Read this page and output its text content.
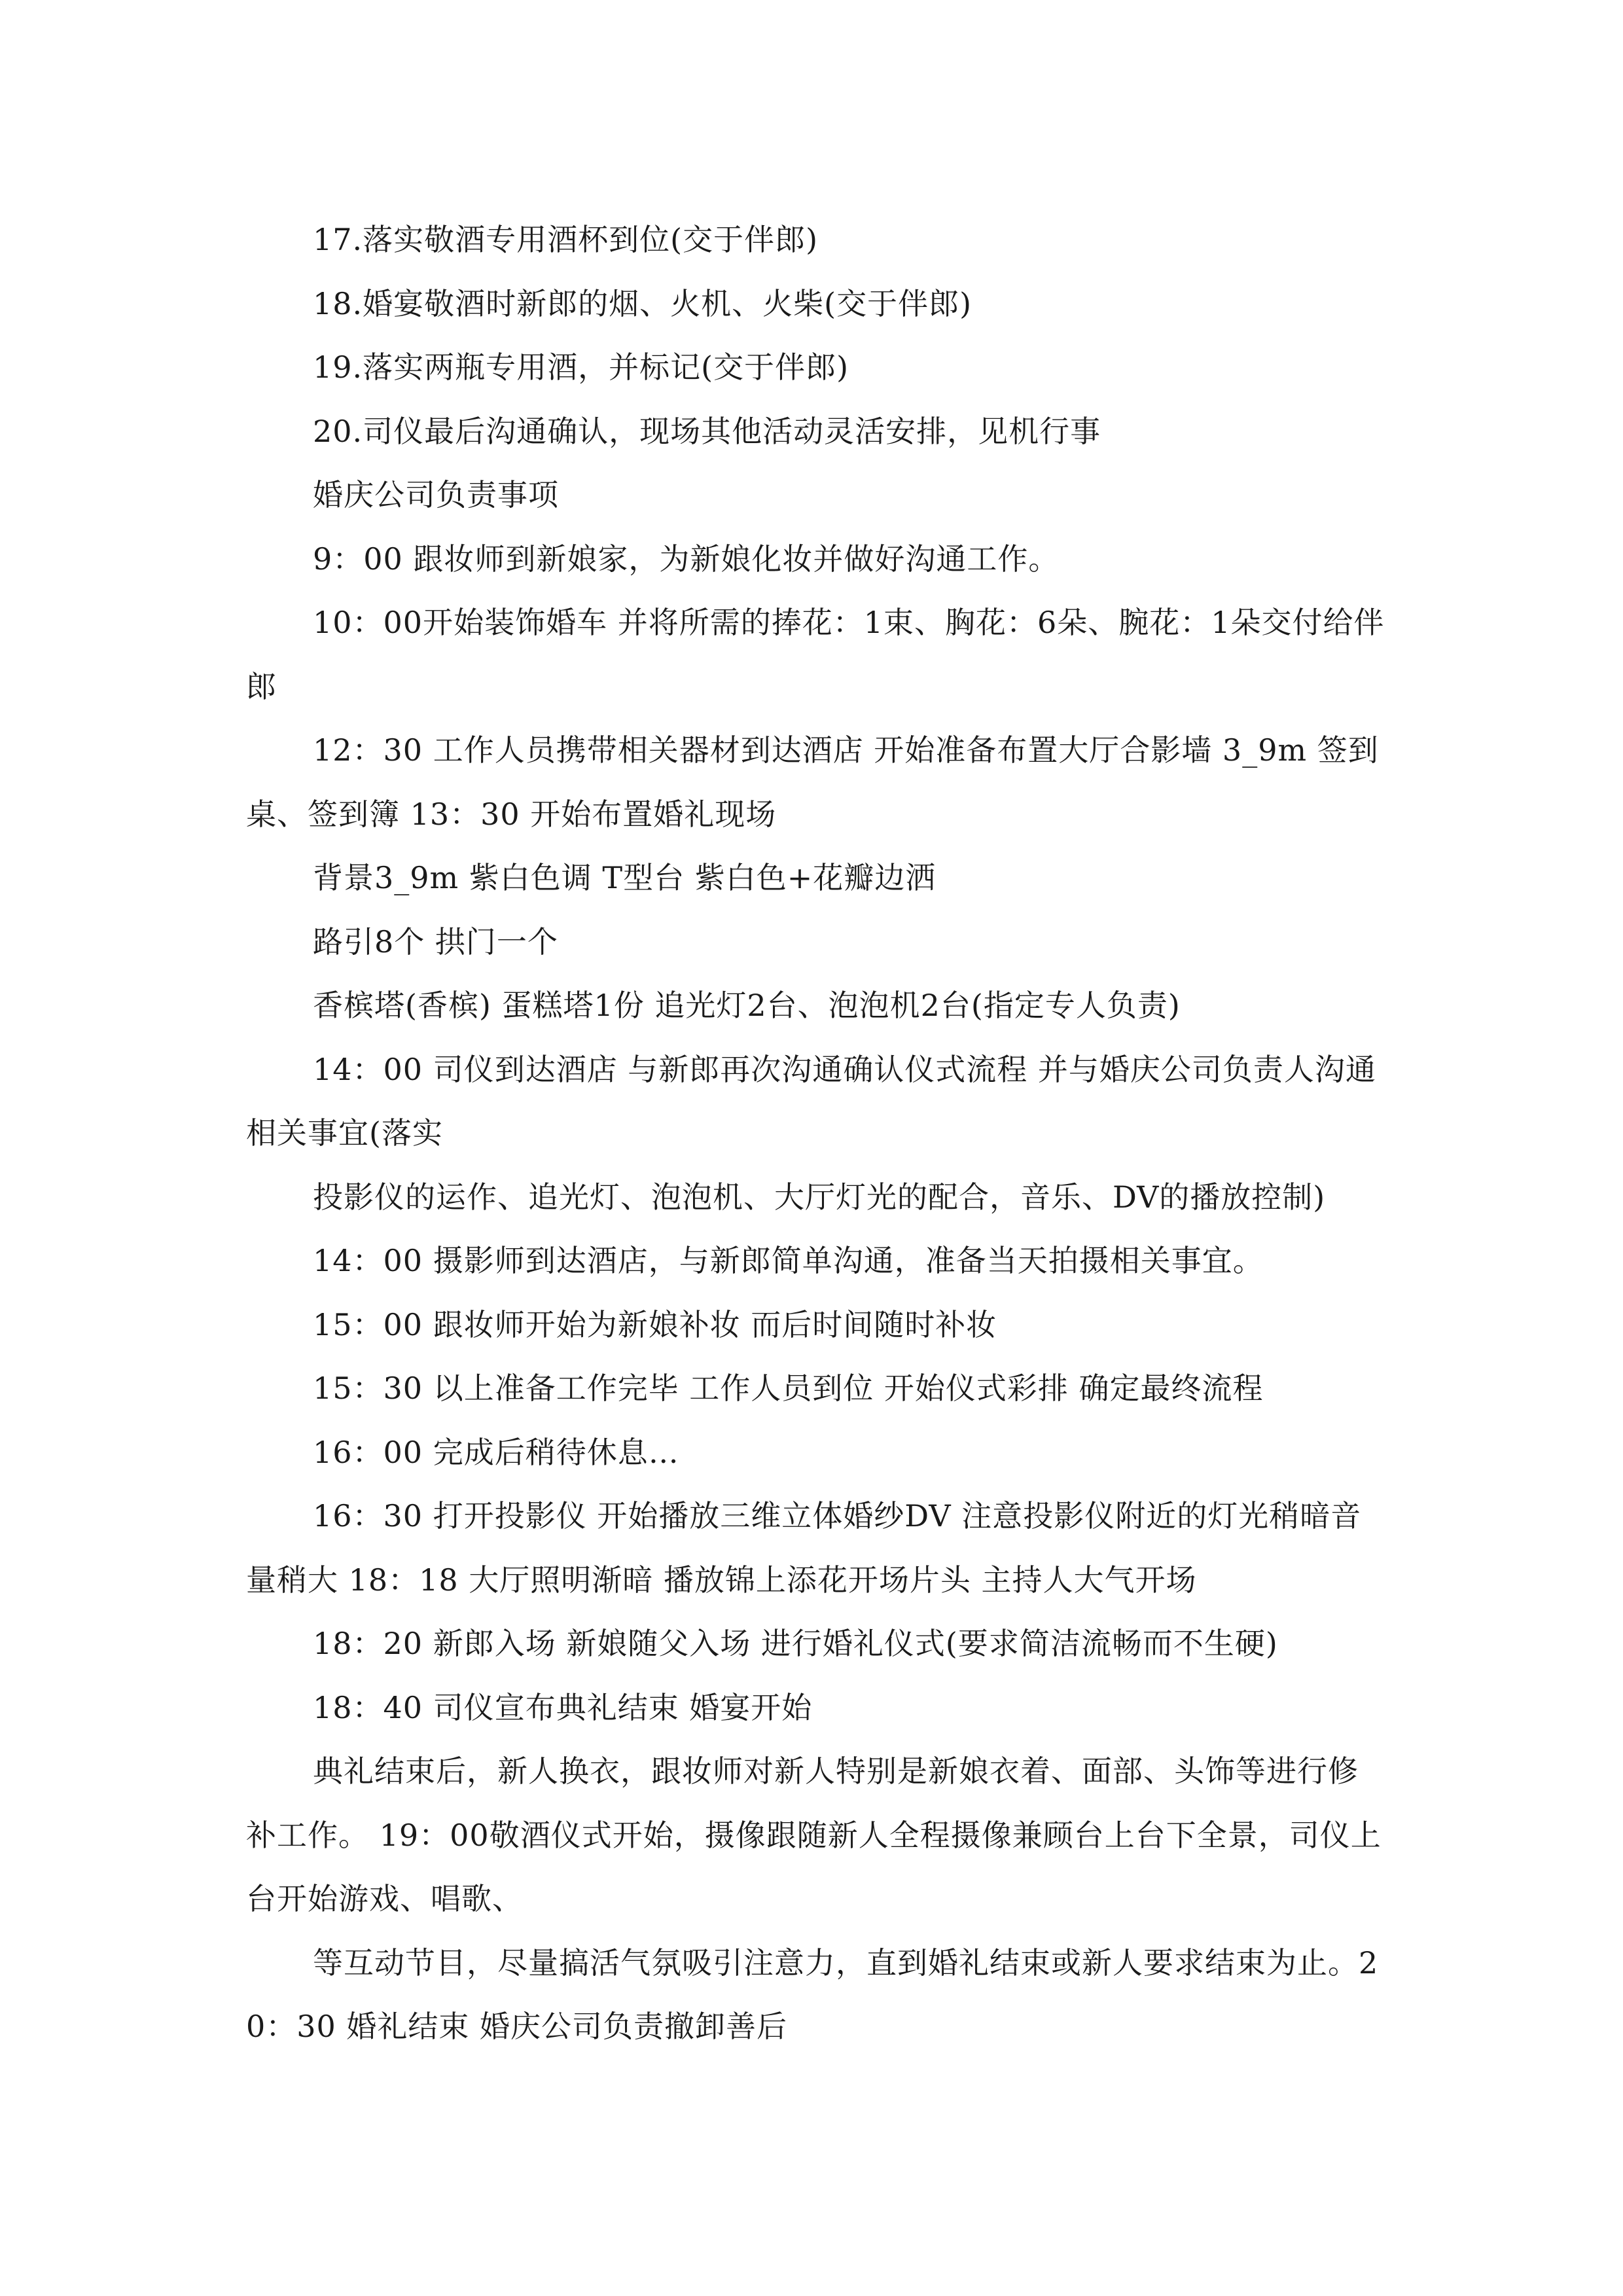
17.落实敬酒专用酒杯到位(交于伴郎)

18.婚宴敬酒时新郎的烟、火机、火柴(交于伴郎)

19.落实两瓶专用酒，并标记(交于伴郎)

20.司仪最后沟通确认，现场其他活动灵活安排，见机行事

婚庆公司负责事项

9：00 跟妆师到新娘家，为新娘化妆并做好沟通工作。

10：00开始装饰婚车 并将所需的捧花：1束、胸花：6朵、腕花：1朵交付给伴郎

12：30 工作人员携带相关器材到达酒店 开始准备布置大厅合影墙 3_9m 签到桌、签到簿 13：30 开始布置婚礼现场

背景3_9m 紫白色调 T型台 紫白色+花瓣边洒

路引8个 拱门一个

香槟塔(香槟) 蛋糕塔1份 追光灯2台、泡泡机2台(指定专人负责)

14：00 司仪到达酒店 与新郎再次沟通确认仪式流程 并与婚庆公司负责人沟通相关事宜(落实

投影仪的运作、追光灯、泡泡机、大厅灯光的配合，音乐、DV的播放控制)

14：00 摄影师到达酒店，与新郎简单沟通，准备当天拍摄相关事宜。

15：00 跟妆师开始为新娘补妆 而后时间随时补妆

15：30 以上准备工作完毕 工作人员到位 开始仪式彩排 确定最终流程

16：00 完成后稍待休息…

16：30 打开投影仪 开始播放三维立体婚纱DV 注意投影仪附近的灯光稍暗音量稍大 18：18 大厅照明渐暗 播放锦上添花开场片头 主持人大气开场

18：20 新郎入场 新娘随父入场 进行婚礼仪式(要求简洁流畅而不生硬)

18：40 司仪宣布典礼结束 婚宴开始

典礼结束后，新人换衣，跟妆师对新人特别是新娘衣着、面部、头饰等进行修补工作。 19：00敬酒仪式开始，摄像跟随新人全程摄像兼顾台上台下全景，司仪上台开始游戏、唱歌、

等互动节目，尽量搞活气氛吸引注意力，直到婚礼结束或新人要求结束为止。20：30 婚礼结束 婚庆公司负责撤卸善后
